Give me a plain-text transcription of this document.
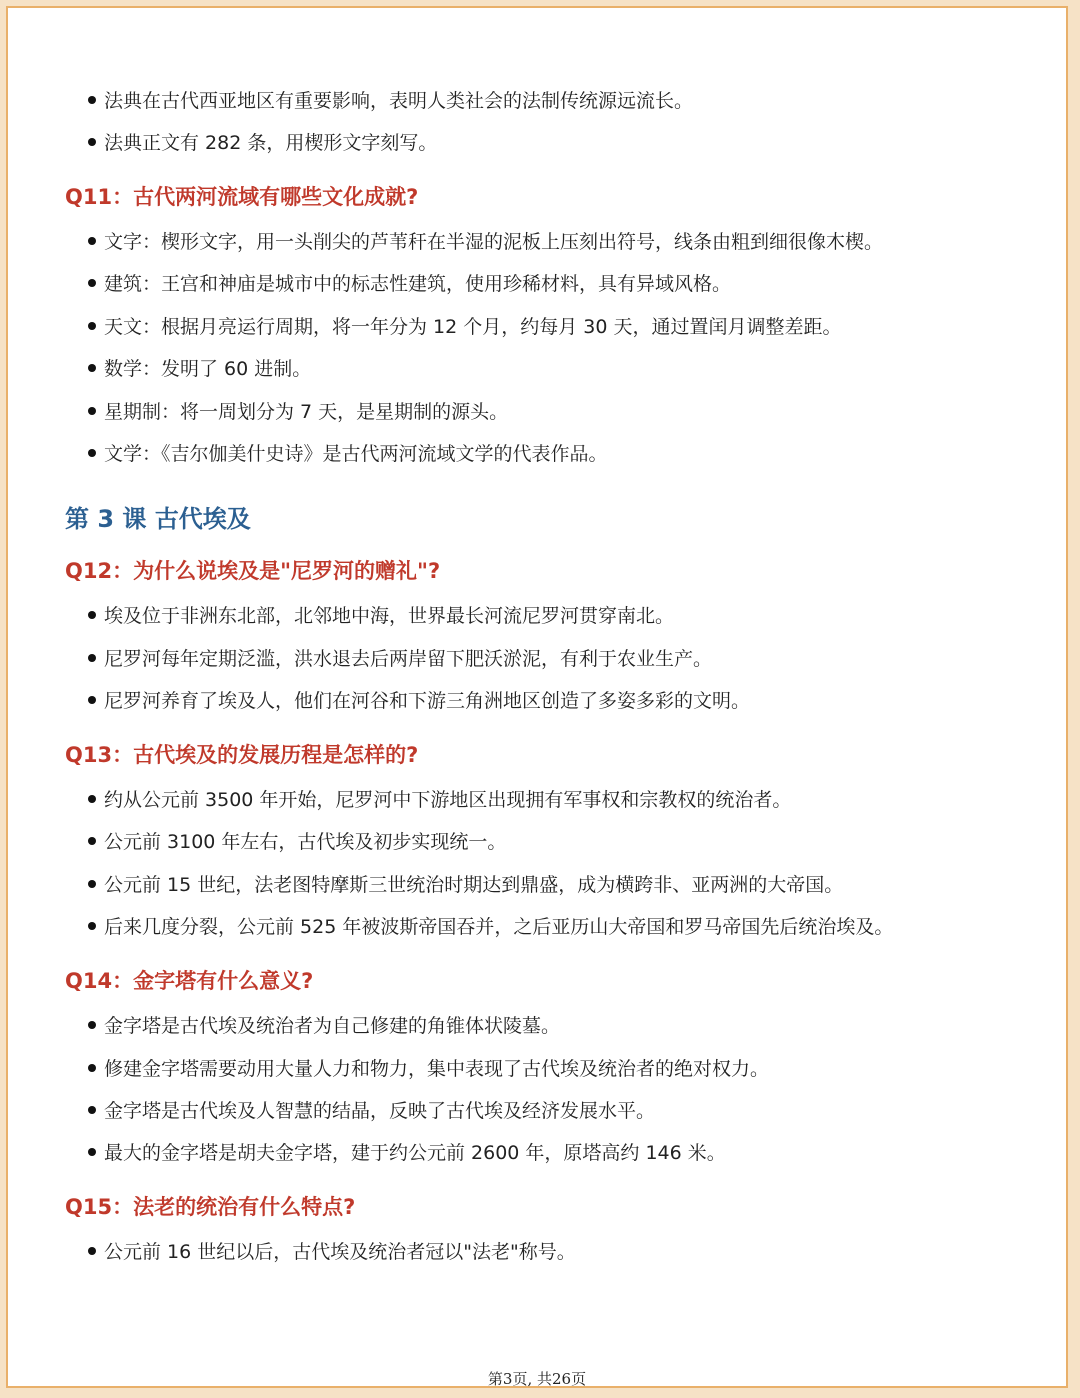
法典在古代西亚地区有重要影响，表明人类社会的法制传统源远流长。
法典正文有 282 条，用楔形文字刻写。
Q11：古代两河流域有哪些文化成就?
文字：楔形文字，用一头削尖的芦苇秆在半湿的泥板上压刻出符号，线条由粗到细很像木楔。
建筑：王宫和神庙是城市中的标志性建筑，使用珍稀材料，具有异域风格。
天文：根据月亮运行周期，将一年分为 12 个月，约每月 30 天，通过置闰月调整差距。
数学：发明了 60 进制。
星期制：将一周划分为 7 天，是星期制的源头。
文学：《吉尔伽美什史诗》是古代两河流域文学的代表作品。
第 3 课 古代埃及
Q12：为什么说埃及是"尼罗河的赠礼"?
埃及位于非洲东北部，北邻地中海，世界最长河流尼罗河贯穿南北。
尼罗河每年定期泛滥，洪水退去后两岸留下肥沃淤泥，有利于农业生产。
尼罗河养育了埃及人，他们在河谷和下游三角洲地区创造了多姿多彩的文明。
Q13：古代埃及的发展历程是怎样的?
约从公元前 3500 年开始，尼罗河中下游地区出现拥有军事权和宗教权的统治者。
公元前 3100 年左右，古代埃及初步实现统一。
公元前 15 世纪，法老图特摩斯三世统治时期达到鼎盛，成为横跨非、亚两洲的大帝国。
后来几度分裂，公元前 525 年被波斯帝国吞并，之后亚历山大帝国和罗马帝国先后统治埃及。
Q14：金字塔有什么意义?
金字塔是古代埃及统治者为自己修建的角锥体状陵墓。
修建金字塔需要动用大量人力和物力，集中表现了古代埃及统治者的绝对权力。
金字塔是古代埃及人智慧的结晶，反映了古代埃及经济发展水平。
最大的金字塔是胡夫金字塔，建于约公元前 2600 年，原塔高约 146 米。
Q15：法老的统治有什么特点?
公元前 16 世纪以后，古代埃及统治者冠以"法老"称号。
第3页, 共26页
